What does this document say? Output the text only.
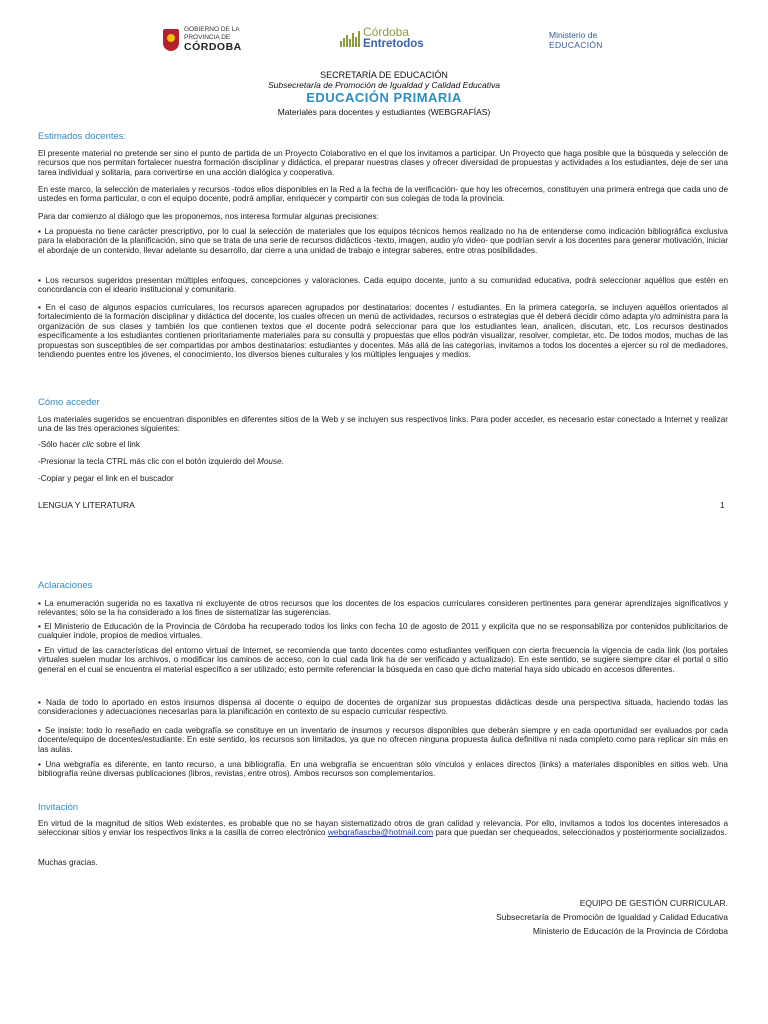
GOBIERNO DE LA
PROVINCIA DE
CÓRDOBA
Córdoba
Entretodos
Ministerio de
EDUCACIÓN
SECRETARÍA DE EDUCACIÓN
Subsecretaría de Promoción de Igualdad y Calidad Educativa
EDUCACIÓN PRIMARIA
Materiales para docentes y estudiantes (WEBGRAFÍAS)
Estimados docentes:
El presente material no pretende ser sino el punto de partida de un Proyecto Colaborativo en el que los invitamos a participar. Un Proyecto que haga posible que la búsqueda y selección de recursos que nos permitan fortalecer nuestra formación disciplinar y didáctica, el preparar nuestras clases y ofrecer diversidad de propuestas y actividades a los estudiantes, deje de ser una tarea individual y solitaria, para convertirse en una acción dialógica y cooperativa.
En este marco, la selección de materiales y recursos -todos ellos disponibles en la Red a la fecha de la verificación- que hoy les ofrecemos, constituyen una primera entrega que cada uno de ustedes en forma particular, o con el equipo docente, podrá ampliar, enriquecer y compartir con sus colegas de toda la provincia.
Para dar comienzo al diálogo que les proponemos, nos interesa formular algunas precisiones:
▪ La propuesta no tiene carácter prescriptivo, por lo cual la selección de materiales que los equipos técnicos hemos realizado no ha de entenderse como indicación bibliográfica exclusiva para la elaboración de la planificación, sino que se trata de una serie de recursos didácticos -texto, imagen, audio y/o video- que podrían servir a los docentes para generar motivación, iniciar el abordaje de un contenido, llevar adelante su desarrollo, dar cierre a una unidad de trabajo e integrar saberes, entre otras posibilidades.
▪ Los recursos sugeridos presentan múltiples enfoques, concepciones y valoraciones. Cada equipo docente, junto a su comunidad educativa, podrá seleccionar aquéllos que estén en concordancia con el ideario institucional y comunitario.
▪ En el caso de algunos espacios curriculares, los recursos aparecen agrupados por destinatarios: docentes / estudiantes. En la primera categoría, se incluyen aquéllos orientados al fortalecimiento de la formación disciplinar y didáctica del docente, los cuales ofrecen un menú de actividades, recursos o estrategias que él deberá decidir cómo adapta y/o administra para la organización de sus clases y también los que contienen textos que el docente podrá seleccionar para que los estudiantes lean, analicen, discutan, etc. Los recursos destinados específicamente a los estudiantes contienen prioritariamente materiales para su consulta y propuestas que ellos podrán visualizar, resolver, completar, etc. De todos modos, muchas de las propuestas son susceptibles de ser compartidas por ambos destinatarios: estudiantes y docentes. Más allá de las categorías, invitamos a todos los docentes a ejercer su rol de mediadores, tendiendo puentes entre los jóvenes, el conocimiento, los diversos bienes culturales y los múltiples lenguajes y medios.
Cómo acceder
Los materiales sugeridos se encuentran disponibles en diferentes sitios de la Web y se incluyen sus respectivos links. Para poder acceder, es necesario estar conectado a Internet y realizar una de las tres operaciones siguientes:
-Sólo hacer clic sobre el link
-Presionar la tecla CTRL más clic con el botón izquierdo del Mouse.
-Copiar y pegar el link en el buscador
LENGUA Y LITERATURA	1
Aclaraciones
▪ La enumeración sugerida no es taxativa ni excluyente de otros recursos que los docentes de los espacios curriculares consideren pertinentes para generar aprendizajes significativos y relevantes; sólo se la ha considerado a los fines de sistematizar las sugerencias.
▪ El Ministerio de Educación de la Provincia de Córdoba ha recuperado todos los links con fecha 10 de agosto de 2011 y explicita que no se responsabiliza por contenidos publicitarios de cualquier índole, propios de medios virtuales.
▪ En virtud de las características del entorno virtual de Internet, se recomienda que tanto docentes como estudiantes verifiquen con cierta frecuencia la vigencia de cada link (los portales virtuales suelen mudar los archivos, o modificar los caminos de acceso, con lo cual cada link ha de ser verificado y actualizado). En este sentido, se sugiere siempre citar el portal o sitio general en el cual se encuentra el material específico a ser utilizado; esto permite referenciar la búsqueda en caso que dicho material haya sido ubicado en accesos diferentes.
▪ Nada de todo lo aportado en estos insumos dispensa al docente o equipo de docentes de organizar sus propuestas didácticas desde una perspectiva situada, haciendo todas las consideraciones y adecuaciones necesarias para la planificación en contexto de su espacio curricular respectivo.
▪ Se insiste: todo lo reseñado en cada webgrafía se constituye en un inventario de insumos y recursos disponibles que deberán siempre y en cada oportunidad ser evaluados por cada docente/equipo de docentes/estudiante. En este sentido, los recursos son limitados, ya que no ofrecen ninguna propuesta áulica definitiva ni nada completo como para replicar sin más en las aulas.
▪ Una webgrafía es diferente, en tanto recurso, a una bibliografía. En una webgrafía se encuentran sólo vínculos y enlaces directos (links) a materiales disponibles en sitios web. Una bibliografía reúne diversas publicaciones (libros, revistas, entre otros). Ambos recursos son complementarios.
Invitación
En virtud de la magnitud de sitios Web existentes, es probable que no se hayan sistematizado otros de gran calidad y relevancia. Por ello, invitamos a todos los docentes interesados a seleccionar sitios y enviar los respectivos links a la casilla de correo electrónico webgrafiascba@hotmail.com para que puedan ser chequeados, seleccionados y posteriormente socializados.
Muchas gracias.
EQUIPO DE GESTIÓN CURRICULAR.
Subsecretaría de Promoción de Igualdad y Calidad Educativa
Ministerio de Educación de la Provincia de Córdoba
